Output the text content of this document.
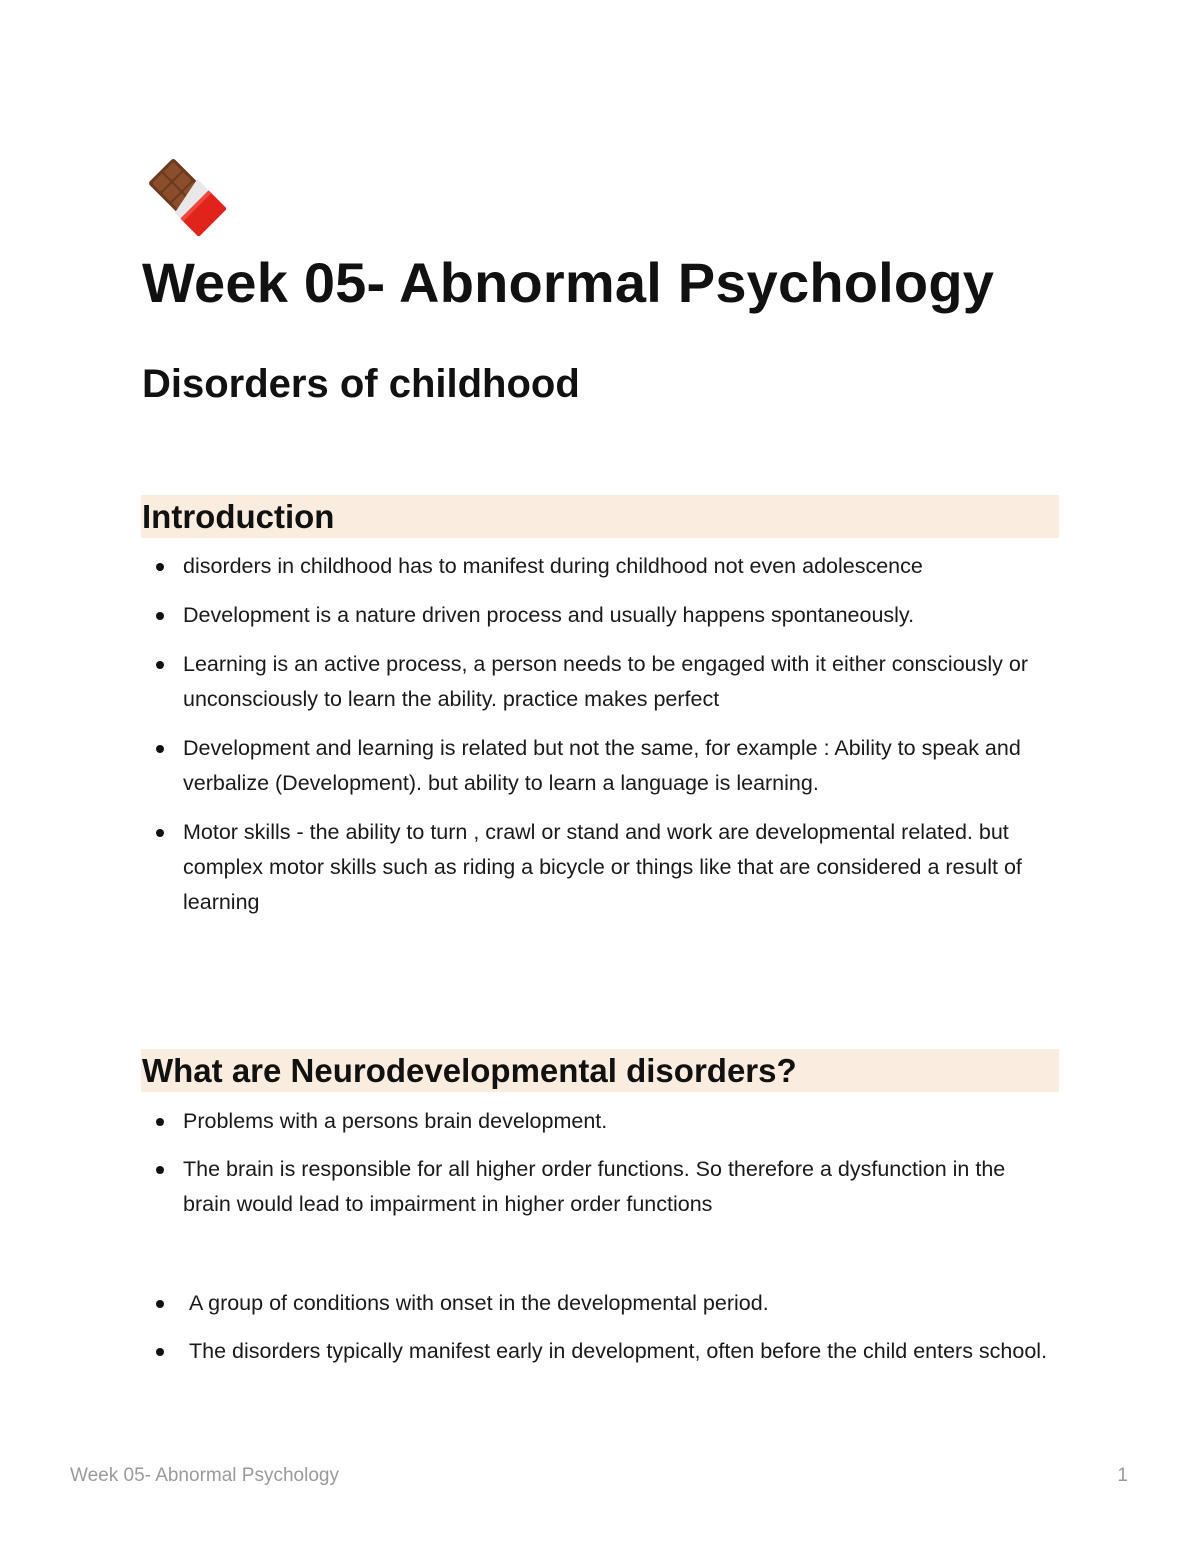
Week 05- Abnormal Psychology
Disorders of childhood
Introduction
disorders in childhood has to manifest during childhood not even adolescence
Development is a nature driven process and usually happens spontaneously.
Learning is an active process, a person needs to be engaged with it either consciously or unconsciously to learn the ability. practice makes perfect
Development and learning is related but not the same, for example : Ability to speak and verbalize (Development). but ability to learn a language is learning.
Motor skills - the ability to turn , crawl or stand and work are developmental related. but complex motor skills such as riding a bicycle or things like that are considered a result of learning
What are Neurodevelopmental disorders?
Problems with a persons brain development.
The brain is responsible for all higher order functions. So therefore a dysfunction in the brain would lead to impairment in higher order functions
A group of conditions with onset in the developmental period.
The disorders typically manifest early in development, often before the child enters school.
Week 05- Abnormal Psychology	1
